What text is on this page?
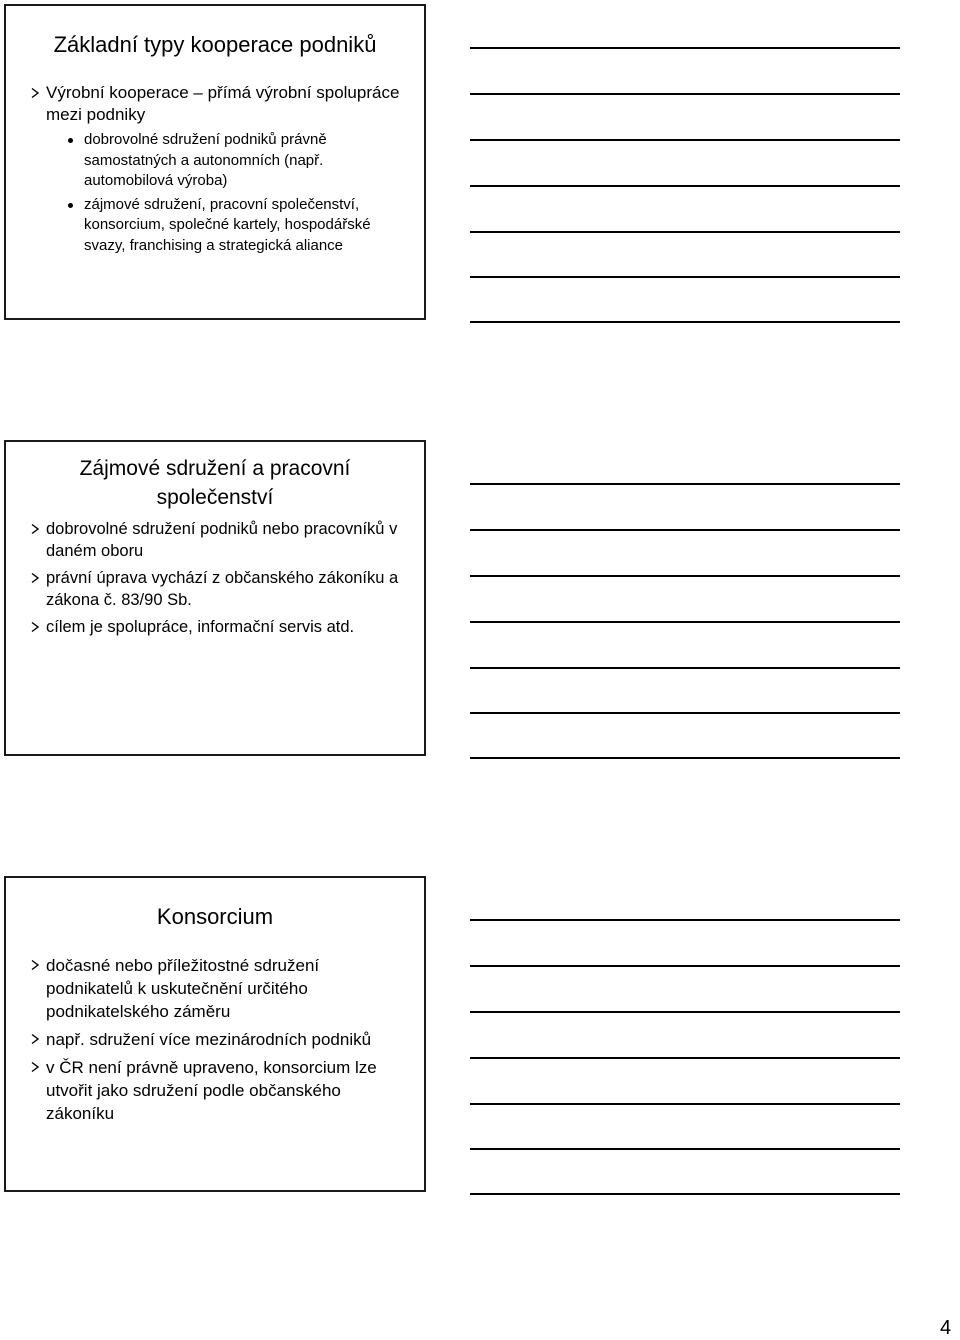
Základní typy kooperace podniků
Výrobní kooperace – přímá výrobní spolupráce mezi podniky
dobrovolné sdružení podniků právně samostatných a autonomních (např. automobilová výroba)
zájmové sdružení, pracovní společenství, konsorcium, společné kartely, hospodářské svazy, franchising a strategická aliance
Zájmové sdružení a pracovní společenství
dobrovolné sdružení podniků nebo pracovníků v daném oboru
právní úprava vychází z občanského zákoníku a zákona č. 83/90 Sb.
cílem je spolupráce, informační servis atd.
Konsorcium
dočasné nebo příležitostné sdružení podnikatelů k uskutečnění určitého podnikatelského záměru
např. sdružení více mezinárodních podniků
v ČR není právně upraveno, konsorcium lze utvořit jako sdružení podle občanského zákoníku
4
